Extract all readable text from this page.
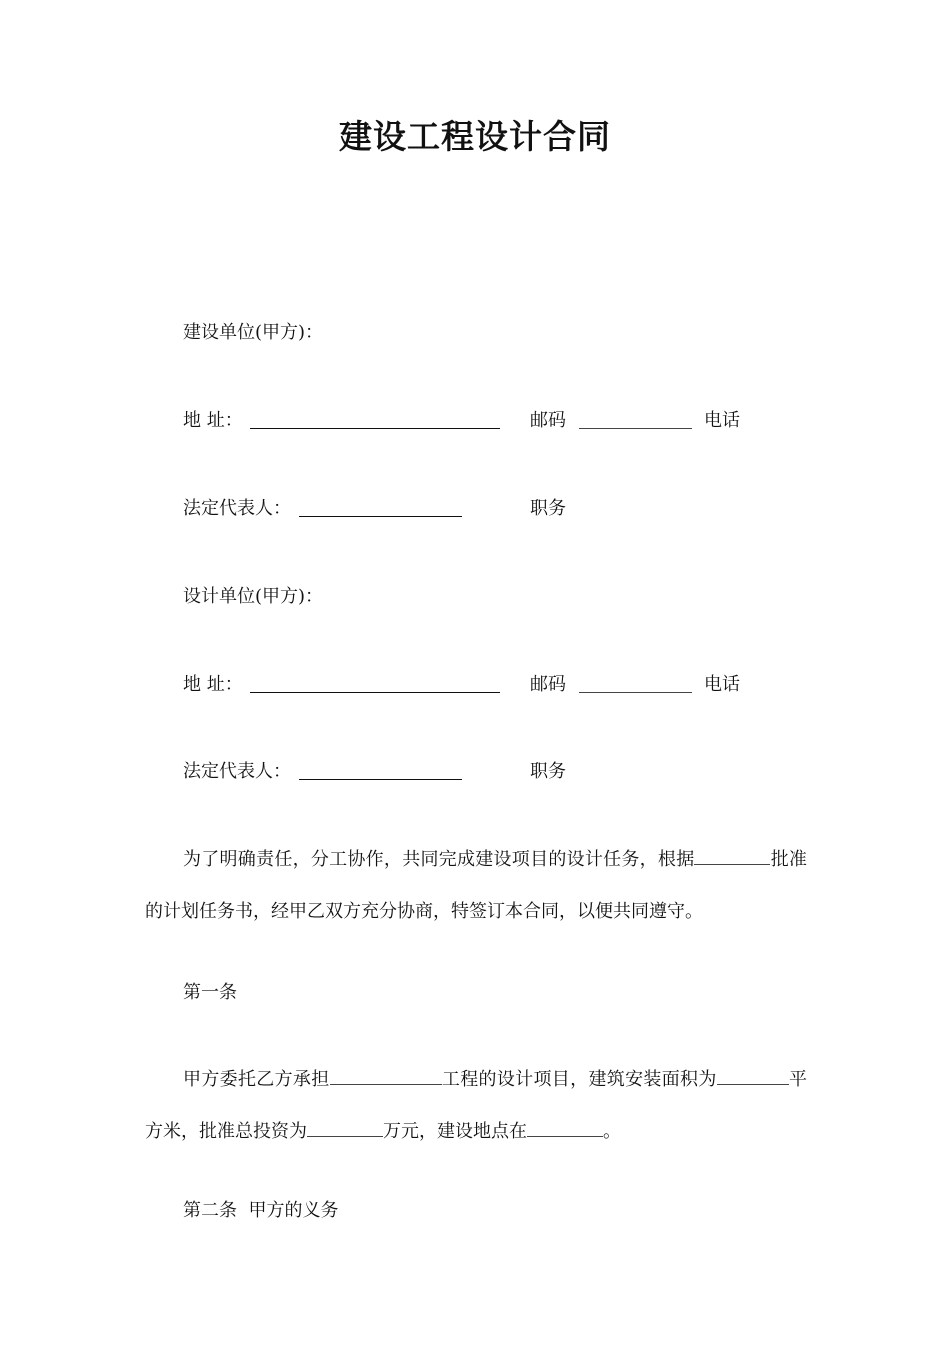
建设工程设计合同
建设单位(甲方)：
地 址：	邮码	电话
法定代表人：	职务
设计单位(甲方)：
地 址：	邮码	电话
法定代表人：	职务

为了明确责任，分工协作，共同完成建设项目的设计任务，根据	批准的计划任务书，经甲乙双方充分协商，特签订本合同，以便共同遵守。

第一条

甲方委托乙方承担	工程的设计项目，建筑安装面积为	平方米，批准总投资为	万元，建设地点在	。

第二条  甲方的义务
